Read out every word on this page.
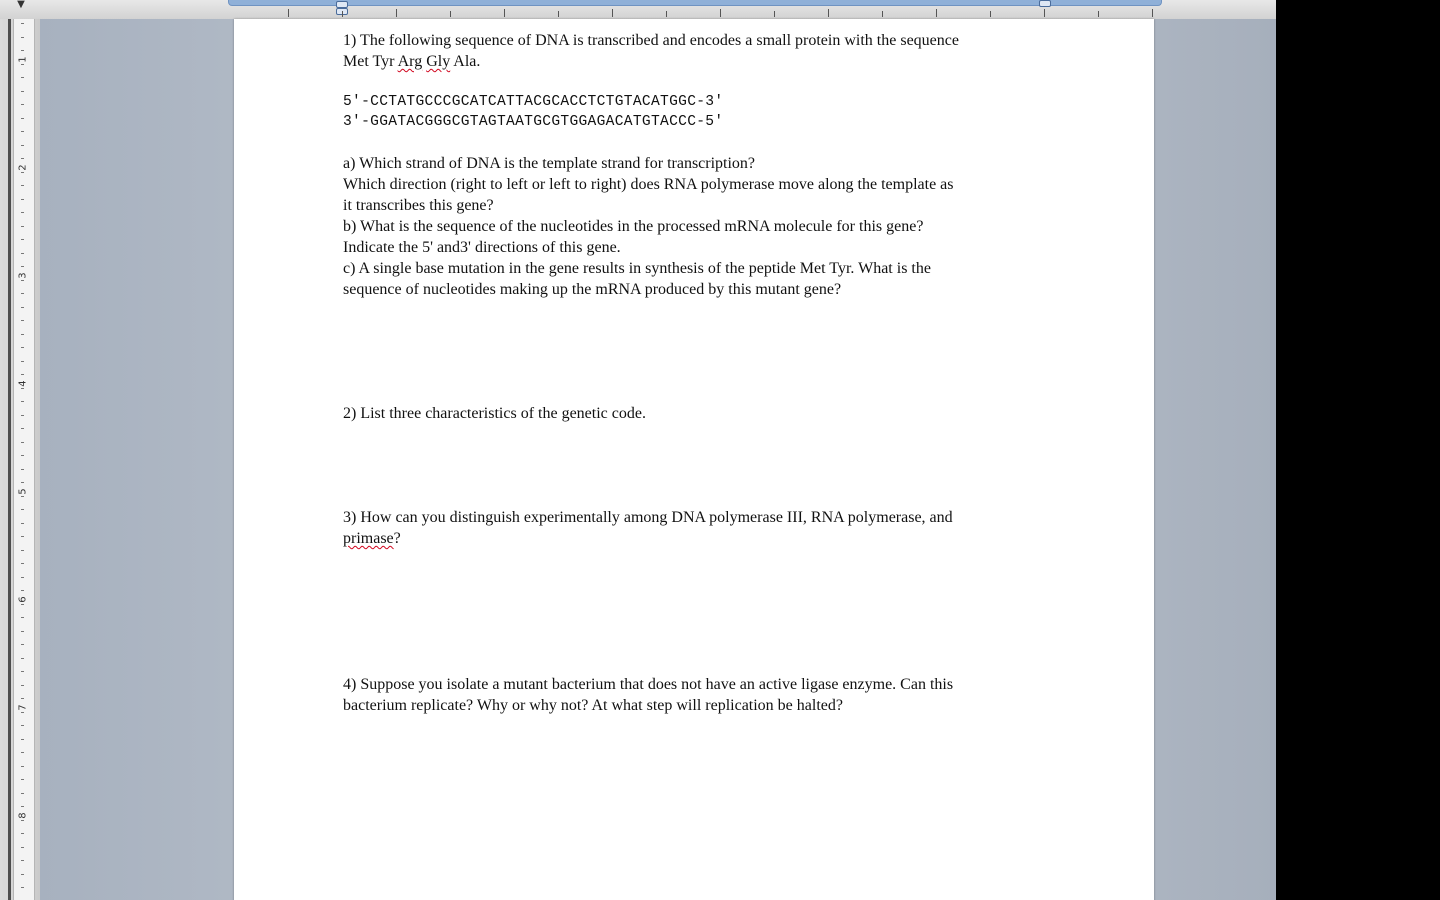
▼
1
2
3
4
5
6
7
8
1) The following sequence of DNA is transcribed and encodes a small protein with the sequence
Met Tyr Arg Gly Ala.
5'-CCTATGCCCGCATCATTACGCACCTCTGTACATGGC-3'
3'-GGATACGGGCGTAGTAATGCGTGGAGACATGTACCC-5'
a) Which strand of DNA is the template strand for transcription?
Which direction (right to left or left to right) does RNA polymerase move along the template as
it transcribes this gene?
b) What is the sequence of the nucleotides in the processed mRNA molecule for this gene?
Indicate the 5' and3' directions of this gene.
c) A single base mutation in the gene results in synthesis of the peptide Met Tyr. What is the
sequence of nucleotides making up the mRNA produced by this mutant gene?
2) List three characteristics of the genetic code.
3) How can you distinguish experimentally among DNA polymerase III, RNA polymerase, and
primase?
4) Suppose you isolate a mutant bacterium that does not have an active ligase enzyme. Can this
bacterium replicate? Why or why not? At what step will replication be halted?
